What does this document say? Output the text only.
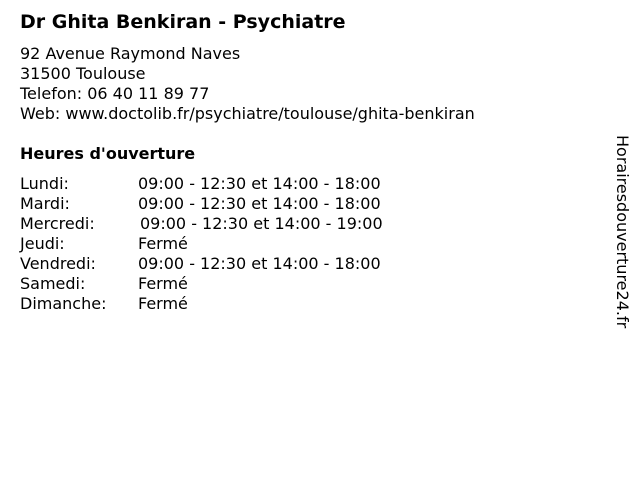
Dr Ghita Benkiran - Psychiatre
92 Avenue Raymond Naves
31500 Toulouse
Telefon: 06 40 11 89 77
Web: www.doctolib.fr/psychiatre/toulouse/ghita-benkiran
Heures d'ouverture
Lundi:	09:00 - 12:30 et 14:00 - 18:00
Mardi:	09:00 - 12:30 et 14:00 - 18:00
Mercredi:	09:00 - 12:30 et 14:00 - 19:00
Jeudi:	Fermé
Vendredi:	09:00 - 12:30 et 14:00 - 18:00
Samedi:	Fermé
Dimanche: Fermé	Horairesdouverture24.fr
